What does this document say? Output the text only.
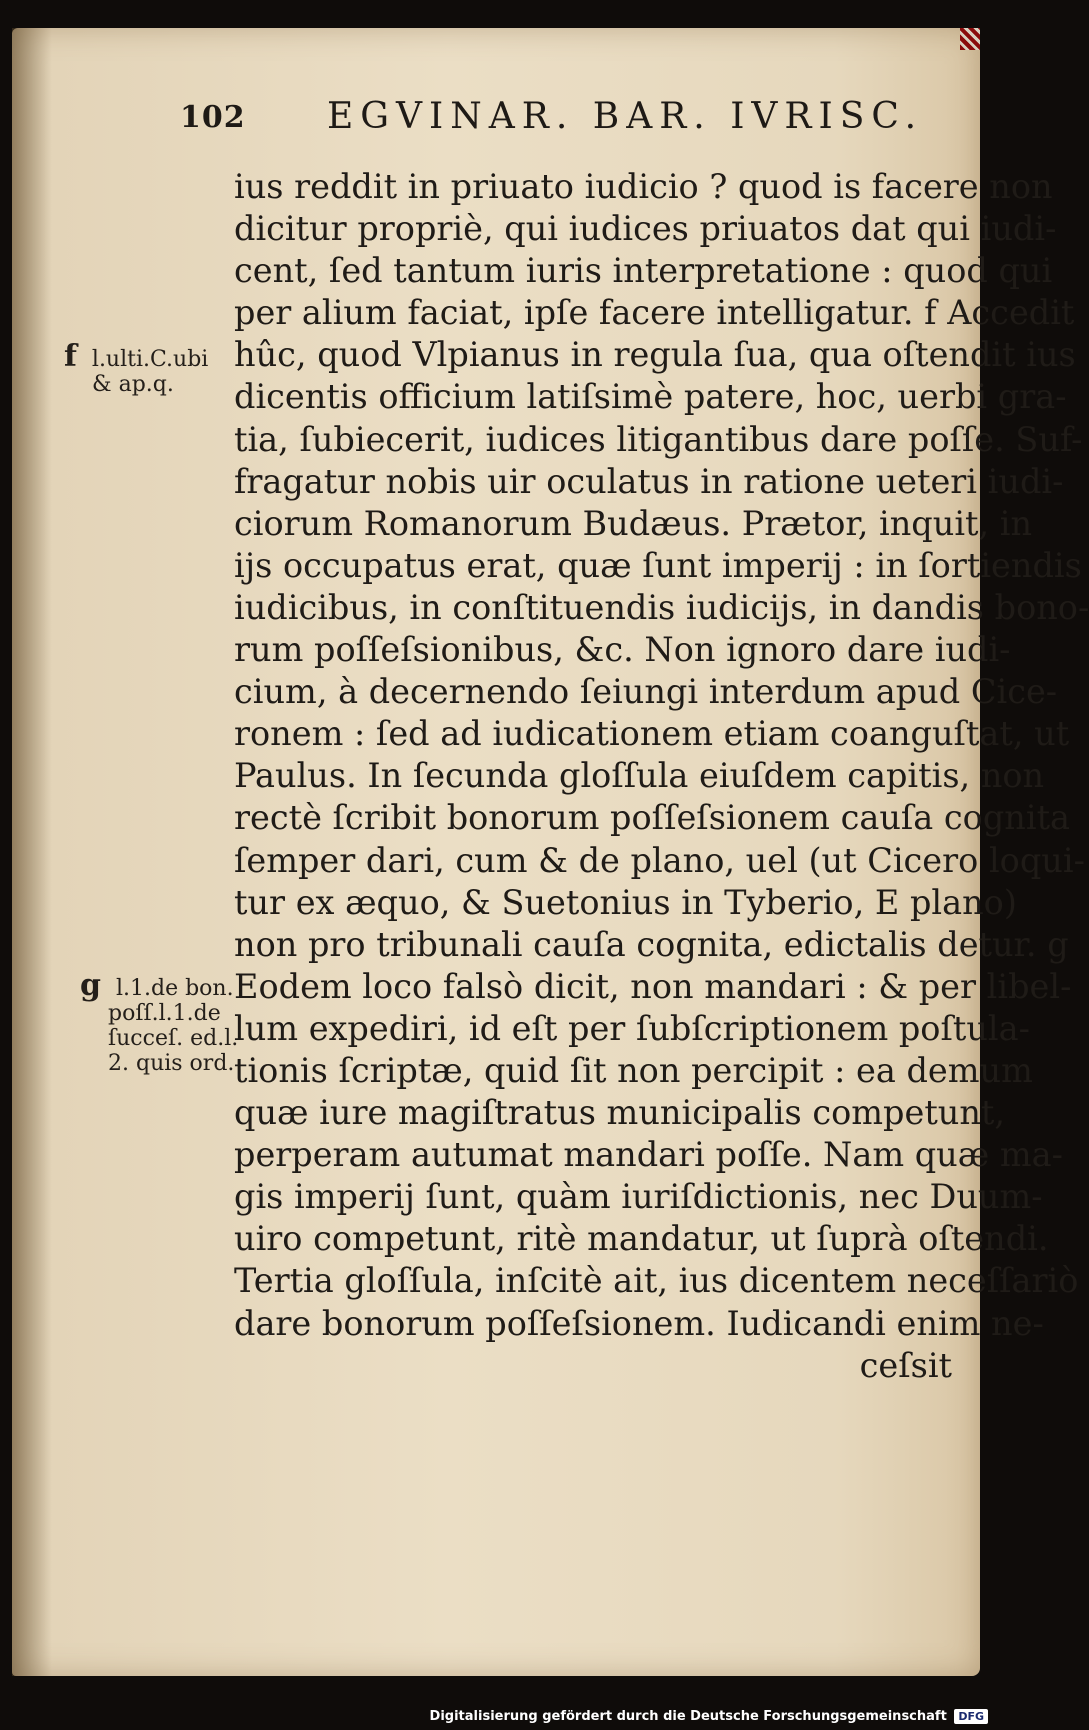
102 EGVINAR. BAR. IVRISC.
f l.ulti.C.ubi
& ap.q.
g l.1.de bon.
poſſ.l.1.de
ſucceſ. ed.l.
2. quis ord.
ius reddit in priuato iudicio ? quod is facere non
dicitur propriè, qui iudices priuatos dat qui iudi-
cent, ſed tantum iuris interpretatione : quod qui
per alium faciat, ipſe facere intelligatur. f Accedit
hûc, quod Vlpianus in regula ſua, qua oſtendit ius
dicentis officium latiſsimè patere, hoc, uerbi gra-
tia, ſubiecerit, iudices litigantibus dare poſſe. Suf-
fragatur nobis uir oculatus in ratione ueteri iudi-
ciorum Romanorum Budæus. Prætor, inquit, in
ijs occupatus erat, quæ ſunt imperij : in ſortiendis
iudicibus, in conſtituendis iudicijs, in dandis bono-
rum poſſeſsionibus, &c. Non ignoro dare iudi-
cium, à decernendo ſeiungi interdum apud Cice-
ronem : ſed ad iudicationem etiam coanguſtat, ut
Paulus. In ſecunda gloſſula eiuſdem capitis, non
rectè ſcribit bonorum poſſeſsionem cauſa cognita
ſemper dari, cum & de plano, uel (ut Cicero loqui-
tur ex æquo, & Suetonius in Tyberio, E plano)
non pro tribunali cauſa cognita, edictalis detur. g
Eodem loco falsò dicit, non mandari : & per libel-
lum expediri, id eſt per ſubſcriptionem poſtula-
tionis ſcriptæ, quid ſit non percipit : ea demum
quæ iure magiſtratus municipalis competunt,
perperam autumat mandari poſſe. Nam quæ ma-
gis imperij ſunt, quàm iuriſdictionis, nec Duum-
uiro competunt, ritè mandatur, ut ſuprà oſtendi.
Tertia gloſſula, inſcitè ait, ius dicentem neceſſariò
dare bonorum poſſeſsionem. Iudicandi enim ne-
ceſsit
Digitalisierung gefördert durch die Deutsche Forschungsgemeinschaft DFG
